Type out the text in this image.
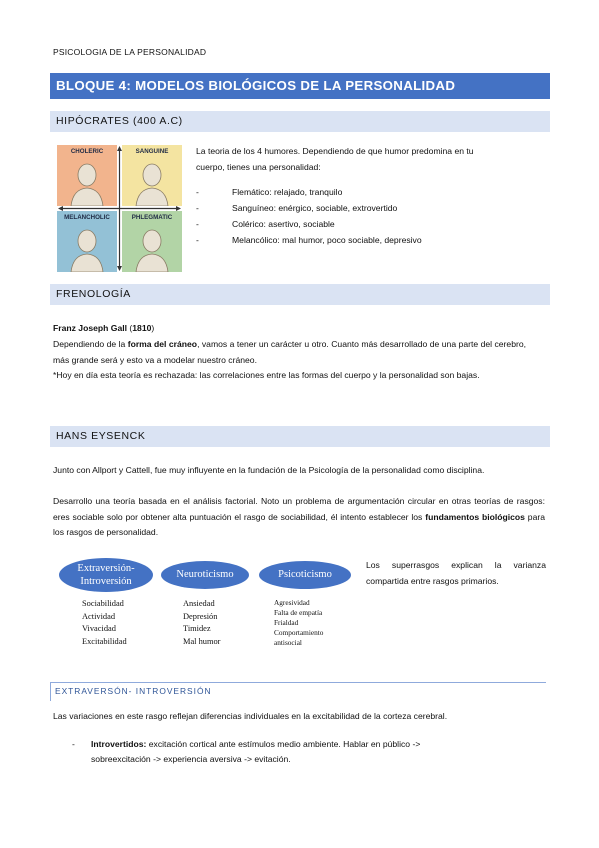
PSICOLOGIA DE LA PERSONALIDAD
BLOQUE 4: MODELOS BIOLÓGICOS DE LA PERSONALIDAD
HIPÓCRATES (400 A.C)
CHOLERIC	SANGUINE
MELANCHOLIC	PHLEGMATIC
La teoria de los 4 humores. Dependiendo de que humor predomina en tu
cuerpo, tienes una personalidad:
-	Flemático: relajado, tranquilo
-	Sanguíneo: enérgico, sociable, extrovertido
-	Colérico: asertivo, sociable
-	Melancólico: mal humor, poco sociable, depresivo
FRENOLOGÍA
Franz Joseph Gall (1810)
Dependiendo de la forma del cráneo, vamos a tener un carácter u otro. Cuanto más desarrollado de una parte del cerebro, más grande será y esto va a modelar nuestro cráneo.
*Hoy en día esta teoría es rechazada: las correlaciones entre las formas del cuerpo y la personalidad son bajas.
HANS EYSENCK
Junto con Allport y Cattell, fue muy influyente en la fundación de la Psicología de la personalidad como disciplina.
Desarrollo una teoría basada en el análisis factorial. Noto un problema de argumentación circular en otras teorías de rasgos: eres sociable solo por obtener alta puntuación el rasgo de sociabilidad, él intento establecer los fundamentos biológicos para los rasgos de personalidad.
Extraversión-
Introversión
Neuroticismo	Psicoticismo
Sociabilidad
Actividad
Vivacidad
Excitabilidad
Ansiedad
Depresión
Timidez
Mal humor
Agresividad
Falta de empatía
Frialdad
Comportamiento
antisocial
Los superrasgos explican la varianza compartida entre rasgos primarios.
EXTRAVERSÓN- INTROVERSIÓN
Las variaciones en este rasgo reflejan diferencias individuales en la excitabilidad de la corteza cerebral.
- Introvertidos: excitación cortical ante estímulos medio ambiente. Hablar en público ->
sobreexcitación -> experiencia aversiva -> evitación.
